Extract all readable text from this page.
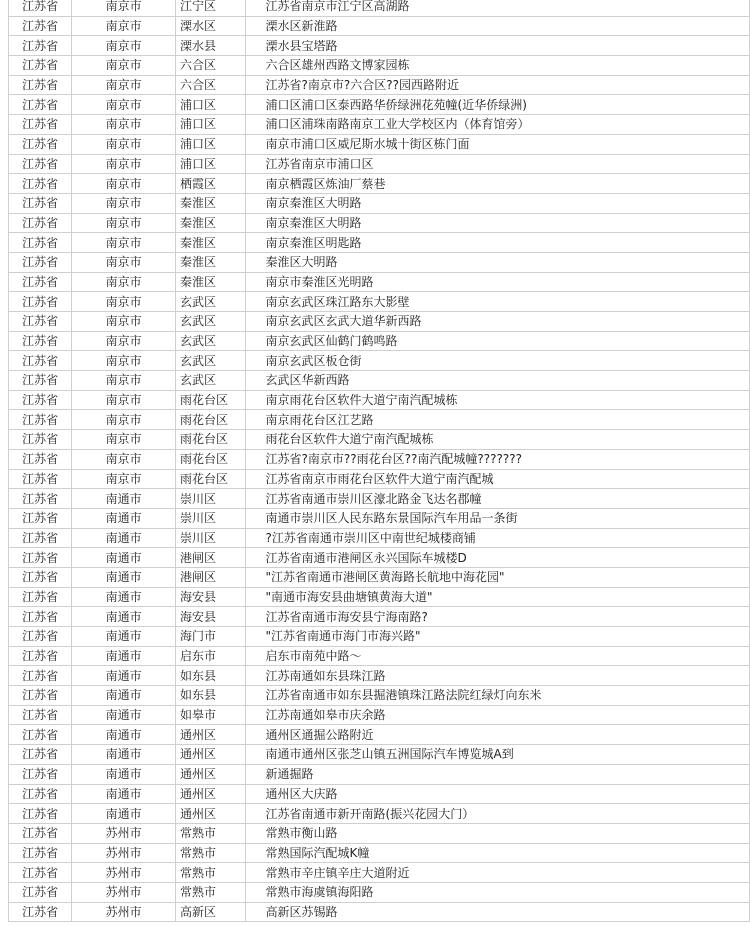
江苏省	南京市	江宁区	江苏省南京市江宁区高湖路
江苏省	南京市	溧水区	溧水区新淮路
江苏省	南京市	溧水县	溧水县宝塔路
江苏省	南京市	六合区	六合区雄州西路文博家园栋
江苏省	南京市	六合区	江苏省?南京市?六合区??园西路附近
江苏省	南京市	浦口区	浦口区浦口区泰西路华侨绿洲花苑幢(近华侨绿洲)
江苏省	南京市	浦口区	浦口区浦珠南路南京工业大学校区内（体育馆旁）
江苏省	南京市	浦口区	南京市浦口区威尼斯水城十街区栋门面
江苏省	南京市	浦口区	江苏省南京市浦口区
江苏省	南京市	栖霞区	南京栖霞区炼油厂蔡巷
江苏省	南京市	秦淮区	南京秦淮区大明路
江苏省	南京市	秦淮区	南京秦淮区大明路
江苏省	南京市	秦淮区	南京秦淮区明匙路
江苏省	南京市	秦淮区	秦淮区大明路
江苏省	南京市	秦淮区	南京市秦淮区光明路
江苏省	南京市	玄武区	南京玄武区珠江路东大影壁
江苏省	南京市	玄武区	南京玄武区玄武大道华新西路
江苏省	南京市	玄武区	南京玄武区仙鹤门鹤鸣路
江苏省	南京市	玄武区	南京玄武区板仓街
江苏省	南京市	玄武区	玄武区华新西路
江苏省	南京市	雨花台区	南京雨花台区软件大道宁南汽配城栋
江苏省	南京市	雨花台区	南京雨花台区江艺路
江苏省	南京市	雨花台区	雨花台区软件大道宁南汽配城栋
江苏省	南京市	雨花台区	江苏省?南京市??雨花台区??南汽配城幢???????
江苏省	南京市	雨花台区	江苏省南京市雨花台区软件大道宁南汽配城
江苏省	南通市	崇川区	江苏省南通市崇川区濠北路金飞达名郡幢
江苏省	南通市	崇川区	南通市崇川区人民东路东景国际汽车用品一条街
江苏省	南通市	崇川区	?江苏省南通市崇川区中南世纪城楼商铺
江苏省	南通市	港闸区	江苏省南通市港闸区永兴国际车城楼D
江苏省	南通市	港闸区	"江苏省南通市港闸区黄海路长航地中海花园"
江苏省	南通市	海安县	"南通市海安县曲塘镇黄海大道"
江苏省	南通市	海安县	江苏省南通市海安县宁海南路?
江苏省	南通市	海门市	"江苏省南通市海门市海兴路"
江苏省	南通市	启东市	启东市南苑中路～
江苏省	南通市	如东县	江苏南通如东县珠江路
江苏省	南通市	如东县	江苏省南通市如东县掘港镇珠江路法院红绿灯向东米
江苏省	南通市	如皋市	江苏南通如皋市庆余路
江苏省	南通市	通州区	通州区通掘公路附近
江苏省	南通市	通州区	南通市通州区张芝山镇五洲国际汽车博览城A到
江苏省	南通市	通州区	新通掘路
江苏省	南通市	通州区	通州区大庆路
江苏省	南通市	通州区	江苏省南通市新开南路(振兴花园大门）
江苏省	苏州市	常熟市	常熟市衡山路
江苏省	苏州市	常熟市	常熟国际汽配城K幢
江苏省	苏州市	常熟市	常熟市辛庄镇辛庄大道附近
江苏省	苏州市	常熟市	常熟市海虞镇海阳路
江苏省	苏州市	高新区	高新区苏锡路
